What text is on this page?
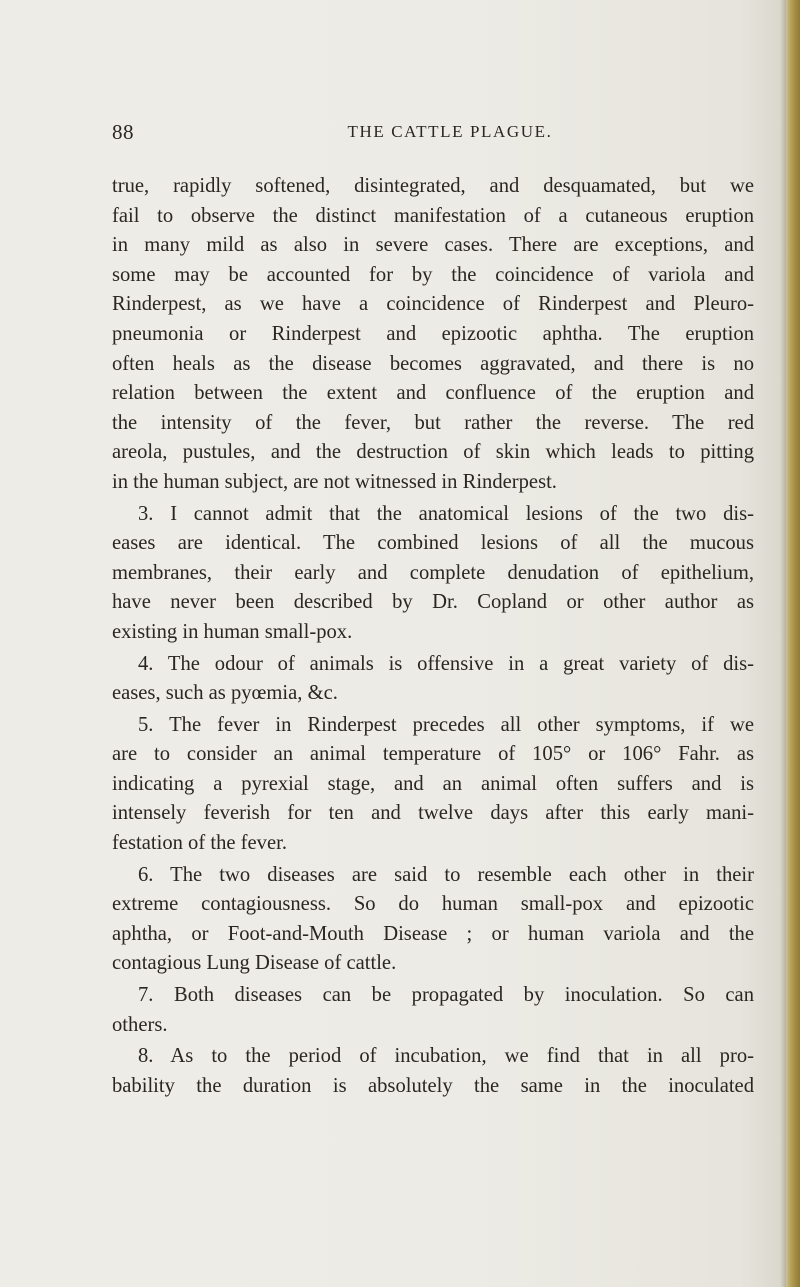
88	THE CATTLE PLAGUE.
true, rapidly softened, disintegrated, and desquamated, but we
fail to observe the distinct manifestation of a cutaneous eruption
in many mild as also in severe cases. There are exceptions, and
some may be accounted for by the coincidence of variola and
Rinderpest, as we have a coincidence of Rinderpest and Pleuro-
pneumonia or Rinderpest and epizootic aphtha. The eruption
often heals as the disease becomes aggravated, and there is no
relation between the extent and confluence of the eruption and
the intensity of the fever, but rather the reverse. The red
areola, pustules, and the destruction of skin which leads to pitting
in the human subject, are not witnessed in Rinderpest.
3. I cannot admit that the anatomical lesions of the two dis-
eases are identical. The combined lesions of all the mucous
membranes, their early and complete denudation of epithelium,
have never been described by Dr. Copland or other author as
existing in human small-pox.
4. The odour of animals is offensive in a great variety of dis-
eases, such as pyœmia, &c.
5. The fever in Rinderpest precedes all other symptoms, if we
are to consider an animal temperature of 105° or 106° Fahr. as
indicating a pyrexial stage, and an animal often suffers and is
intensely feverish for ten and twelve days after this early mani-
festation of the fever.
6. The two diseases are said to resemble each other in their
extreme contagiousness. So do human small-pox and epizootic
aphtha, or Foot-and-Mouth Disease ; or human variola and the
contagious Lung Disease of cattle.
7. Both diseases can be propagated by inoculation. So can
others.
8. As to the period of incubation, we find that in all pro-
bability the duration is absolutely the same in the inoculated
